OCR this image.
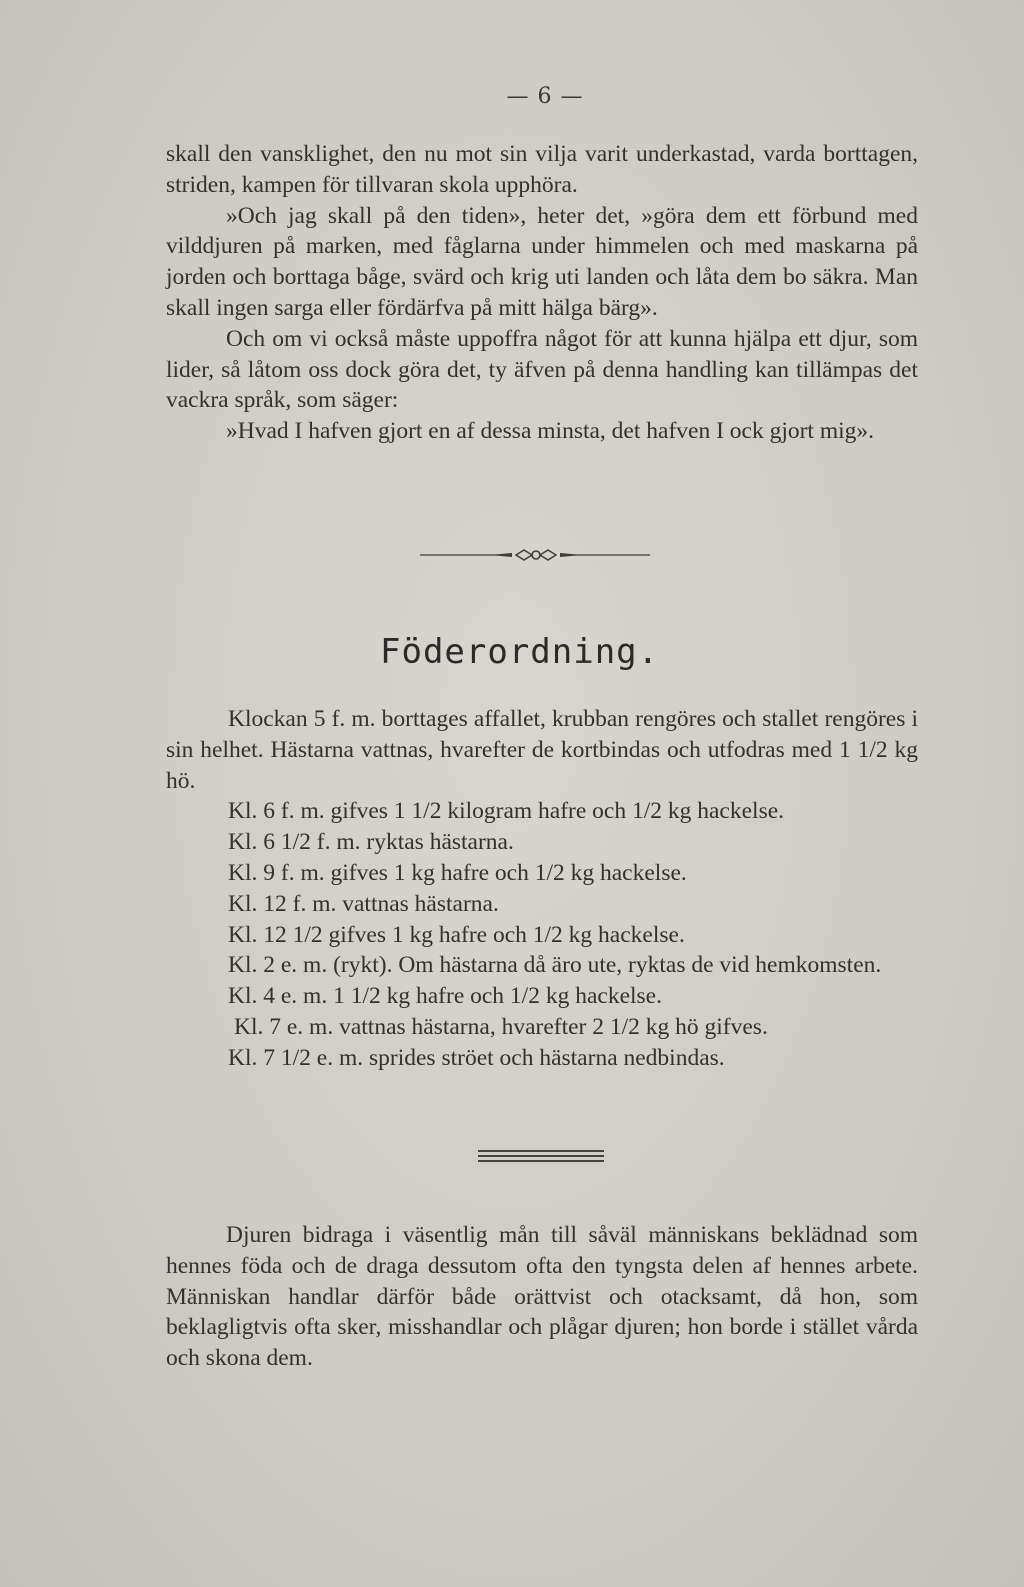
— 6 —

skall den vansklighet, den nu mot sin vilja varit underkastad, varda borttagen, striden, kampen för tillvaran skola upphöra.

»Och jag skall på den tiden», heter det, »göra dem ett förbund med vilddjuren på marken, med fåglarna under himmelen och med maskarna på jorden och borttaga båge, svärd och krig uti landen och låta dem bo säkra. Man skall ingen sarga eller fördärfva på mitt hälga bärg».

Och om vi också måste uppoffra något för att kunna hjälpa ett djur, som lider, så låtom oss dock göra det, ty äfven på denna handling kan tillämpas det vackra språk, som säger:

»Hvad I hafven gjort en af dessa minsta, det hafven I ock gjort mig».

Föderordning.

Klockan 5 f. m. borttages affallet, krubban rengöres och stallet rengöres i sin helhet. Hästarna vattnas, hvarefter de kortbindas och utfodras med 1 1/2 kg hö.

Kl. 6 f. m. gifves 1 1/2 kilogram hafre och 1/2 kg hackelse.

Kl. 6 1/2 f. m. ryktas hästarna.

Kl. 9 f. m. gifves 1 kg hafre och 1/2 kg hackelse.

Kl. 12 f. m. vattnas hästarna.

Kl. 12 1/2 gifves 1 kg hafre och 1/2 kg hackelse.

Kl. 2 e. m. (rykt). Om hästarna då äro ute, ryktas de vid hemkomsten.

Kl. 4 e. m. 1 1/2 kg hafre och 1/2 kg hackelse.

Kl. 7 e. m. vattnas hästarna, hvarefter 2 1/2 kg hö gifves.

Kl. 7 1/2 e. m. sprides ströet och hästarna nedbindas.

Djuren bidraga i väsentlig mån till såväl människans beklädnad som hennes föda och de draga dessutom ofta den tyngsta delen af hennes arbete. Människan handlar därför både orättvist och otacksamt, då hon, som beklagligtvis ofta sker, misshandlar och plågar djuren; hon borde i stället vårda och skona dem.
